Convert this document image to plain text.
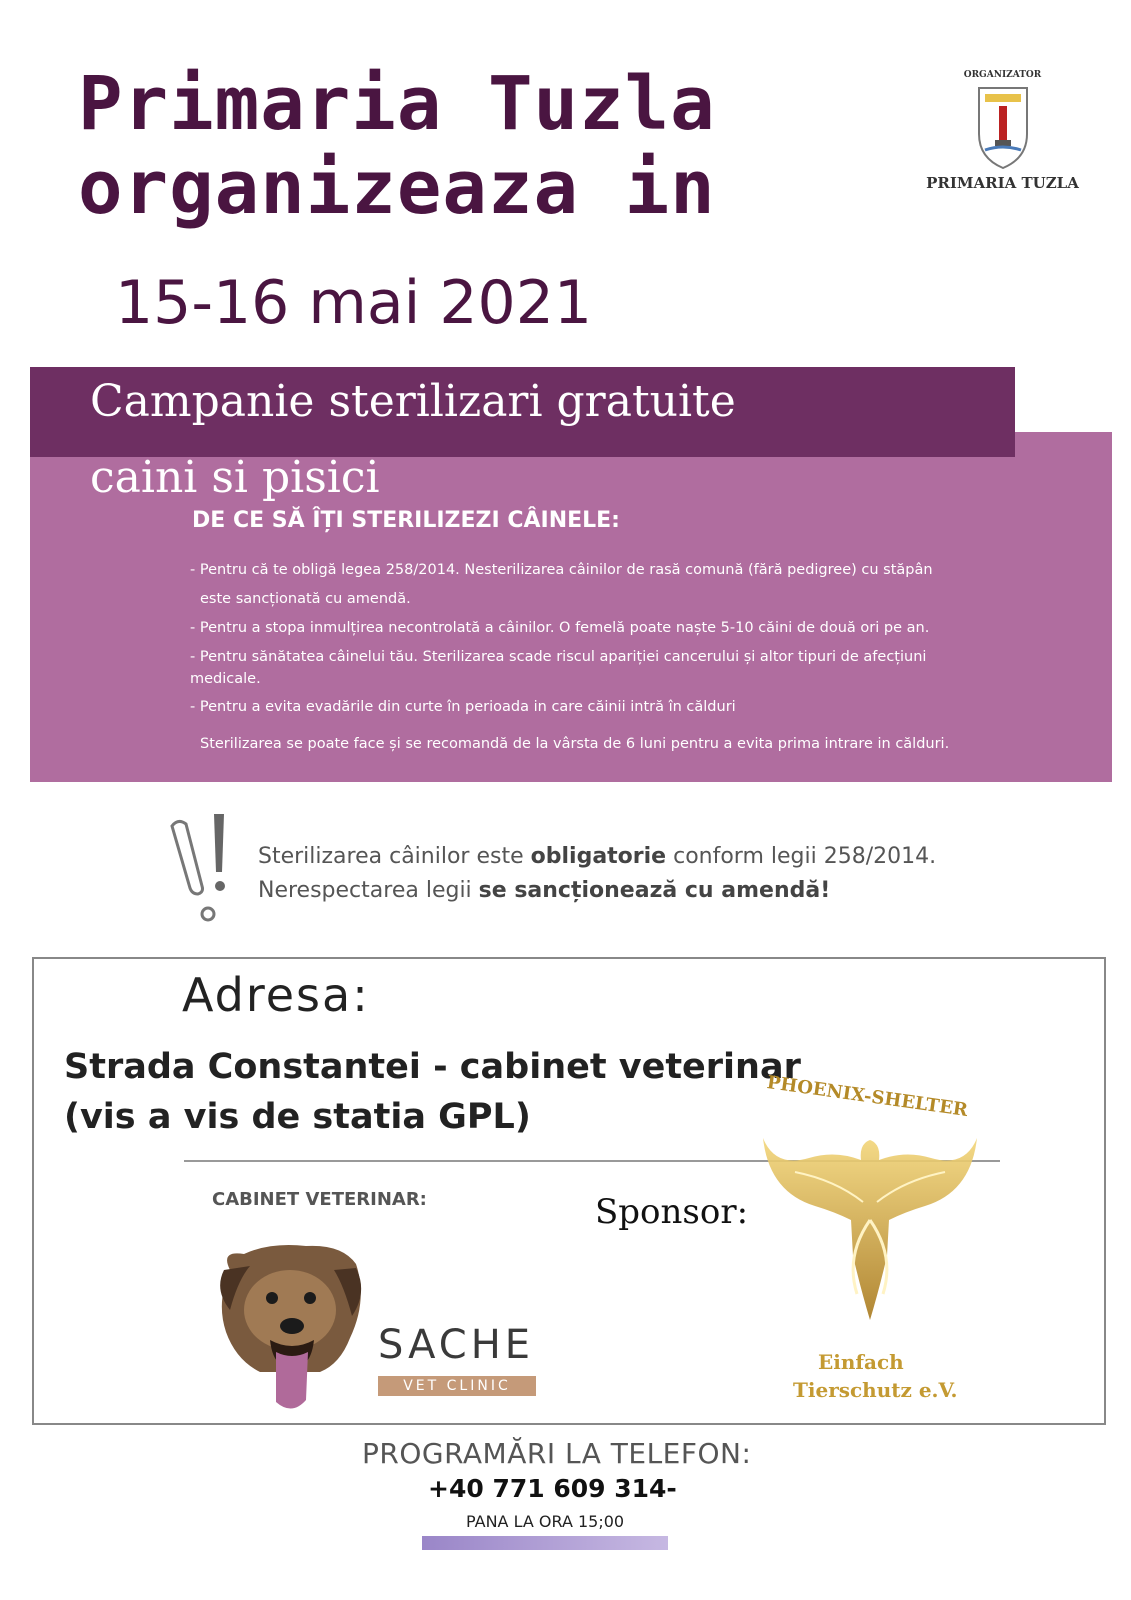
Primaria Tuzla
organizeaza in
15-16 mai 2021
ORGANIZATOR
PRIMARIA TUZLA
Campanie sterilizari gratuite
caini si pisici
DE CE SĂ ÎȚI STERILIZEZI CÂINELE:
- Pentru că te obligă legea 258/2014. Nesterilizarea câinilor de rasă comună (fără pedigree) cu stăpân
este sancționată cu amendă.
- Pentru a stopa inmulțirea necontrolată a câinilor. O femelă poate naște 5-10 căini de două ori pe an.
- Pentru sănătatea câinelui tău. Sterilizarea scade riscul apariției cancerului și altor tipuri de afecțiuni medicale.
- Pentru a evita evadările din curte în perioada in care căinii intră în călduri
Sterilizarea se poate face și se recomandă de la vârsta de 6 luni pentru a evita prima intrare in călduri.
Sterilizarea câinilor este obligatorie conform legii 258/2014.
Nerespectarea legii se sancționează cu amendă!
Adresa:
Strada Constantei - cabinet veterinar
(vis a vis de statia GPL)
CABINET VETERINAR:	Sponsor:
SACHE
VET CLINIC
PHOENIX-SHELTER
Einfach
Tierschutz e.V.
PROGRAMĂRI LA TELEFON:
+40 771 609 314-
PANA LA ORA 15;00
